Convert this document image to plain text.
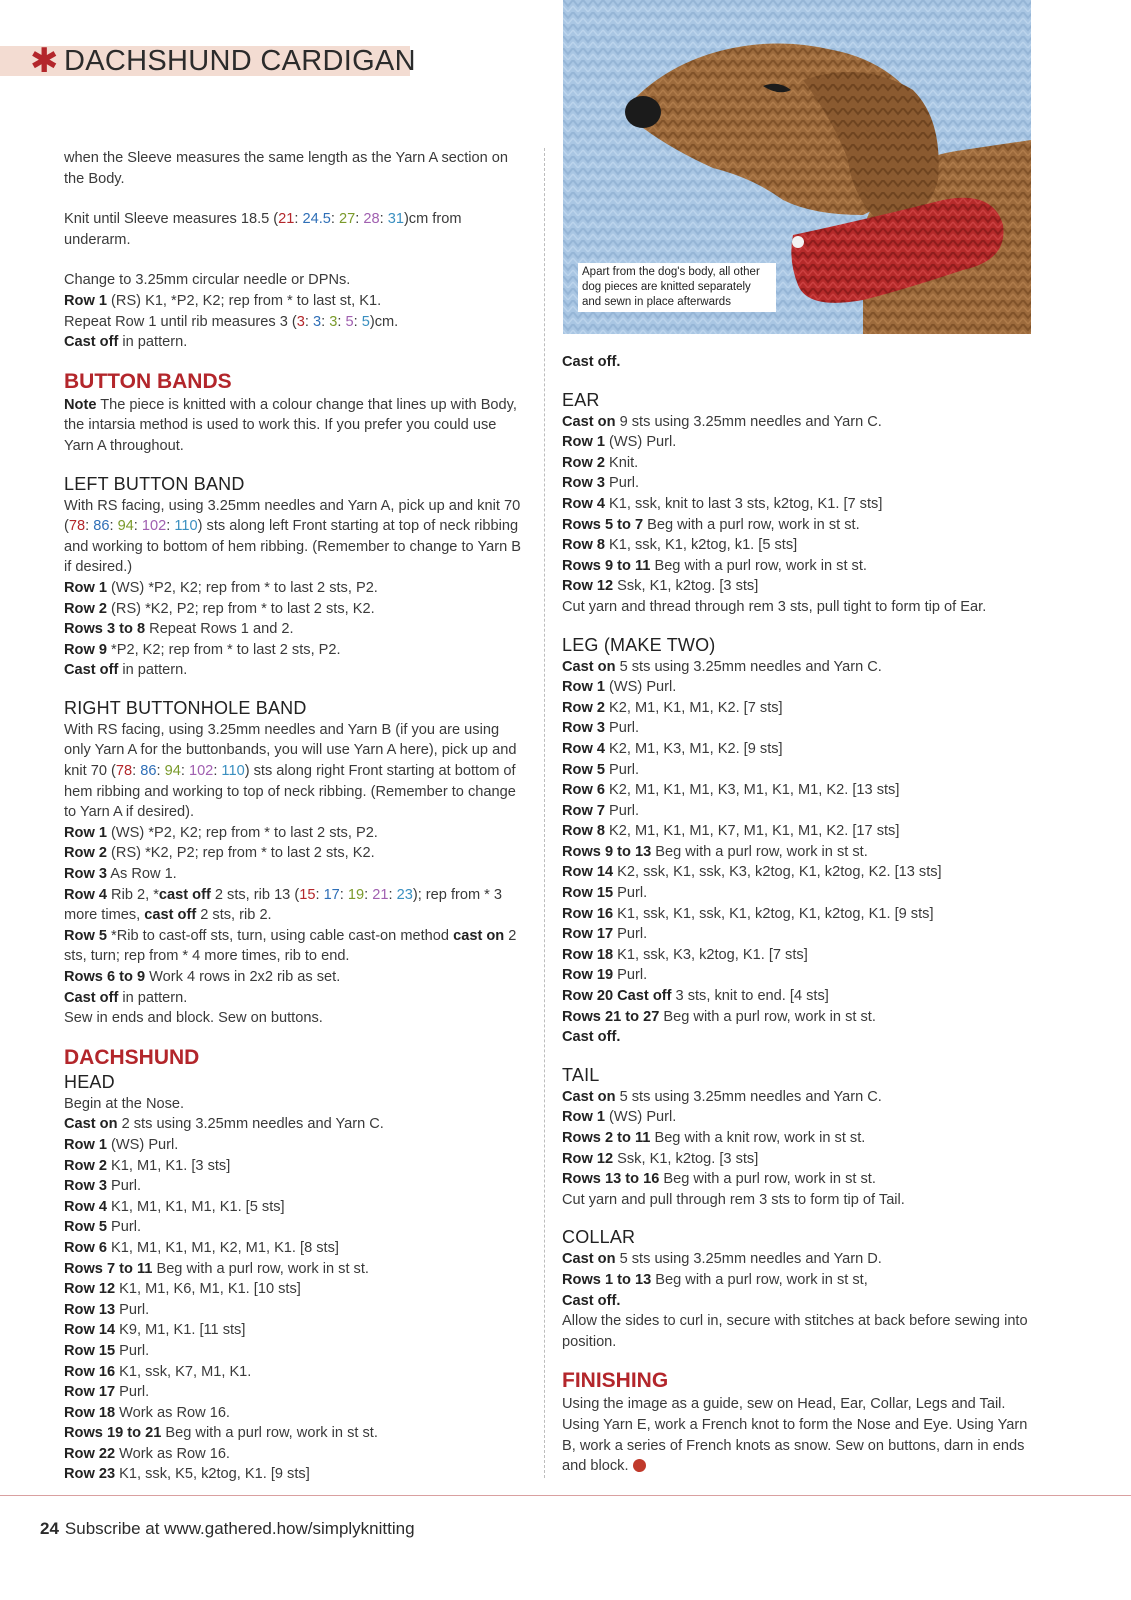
✱ DACHSHUND CARDIGAN
Apart from the dog's body, all other dog pieces are knitted separately and sewn in place afterwards

when the Sleeve measures the same length as the Yarn A section on the Body.

Knit until Sleeve measures 18.5 (21: 24.5: 27: 28: 31)cm from underarm.

Change to 3.25mm circular needle or DPNs.

Row 1 (RS) K1, *P2, K2; rep from * to last st, K1.

Repeat Row 1 until rib measures 3 (3: 3: 3: 5: 5)cm.

Cast off in pattern.

BUTTON BANDS

Note The piece is knitted with a colour change that lines up with Body, the intarsia method is used to work this. If you prefer you could use Yarn A throughout.

LEFT BUTTON BAND

With RS facing, using 3.25mm needles and Yarn A, pick up and knit 70 (78: 86: 94: 102: 110) sts along left Front starting at top of neck ribbing and working to bottom of hem ribbing. (Remember to change to Yarn B if desired.)

Row 1 (WS) *P2, K2; rep from * to last 2 sts, P2.

Row 2 (RS) *K2, P2; rep from * to last 2 sts, K2.

Rows 3 to 8 Repeat Rows 1 and 2.

Row 9 *P2, K2; rep from * to last 2 sts, P2.

Cast off in pattern.

RIGHT BUTTONHOLE BAND

With RS facing, using 3.25mm needles and Yarn B (if you are using only Yarn A for the buttonbands, you will use Yarn A here), pick up and knit 70 (78: 86: 94: 102: 110) sts along right Front starting at bottom of hem ribbing and working to top of neck ribbing. (Remember to change to Yarn A if desired).

Row 1 (WS) *P2, K2; rep from * to last 2 sts, P2.

Row 2 (RS) *K2, P2; rep from * to last 2 sts, K2.

Row 3 As Row 1.

Row 4 Rib 2, *cast off 2 sts, rib 13 (15: 17: 19: 21: 23); rep from * 3 more times, cast off 2 sts, rib 2.

Row 5 *Rib to cast-off sts, turn, using cable cast-on method cast on 2 sts, turn; rep from * 4 more times, rib to end.

Rows 6 to 9 Work 4 rows in 2x2 rib as set.

Cast off in pattern.

Sew in ends and block. Sew on buttons.

DACHSHUND
HEAD

Begin at the Nose.

Cast on 2 sts using 3.25mm needles and Yarn C.

Row 1 (WS) Purl.

Row 2 K1, M1, K1. [3 sts]

Row 3 Purl.

Row 4 K1, M1, K1, M1, K1. [5 sts]

Row 5 Purl.

Row 6 K1, M1, K1, M1, K2, M1, K1. [8 sts]

Rows 7 to 11 Beg with a purl row, work in st st.

Row 12 K1, M1, K6, M1, K1. [10 sts]

Row 13 Purl.

Row 14 K9, M1, K1. [11 sts]

Row 15 Purl.

Row 16 K1, ssk, K7, M1, K1.

Row 17 Purl.

Row 18 Work as Row 16.

Rows 19 to 21 Beg with a purl row, work in st st.

Row 22 Work as Row 16.

Row 23 K1, ssk, K5, k2tog, K1. [9 sts]

Cast off.

EAR

Cast on 9 sts using 3.25mm needles and Yarn C.

Row 1 (WS) Purl.

Row 2 Knit.

Row 3 Purl.

Row 4 K1, ssk, knit to last 3 sts, k2tog, K1. [7 sts]

Rows 5 to 7 Beg with a purl row, work in st st.

Row 8 K1, ssk, K1, k2tog, k1. [5 sts]

Rows 9 to 11 Beg with a purl row, work in st st.

Row 12 Ssk, K1, k2tog. [3 sts]

Cut yarn and thread through rem 3 sts, pull tight to form tip of Ear.

LEG (MAKE TWO)

Cast on 5 sts using 3.25mm needles and Yarn C.

Row 1 (WS) Purl.

Row 2 K2, M1, K1, M1, K2. [7 sts]

Row 3 Purl.

Row 4 K2, M1, K3, M1, K2. [9 sts]

Row 5 Purl.

Row 6 K2, M1, K1, M1, K3, M1, K1, M1, K2. [13 sts]

Row 7 Purl.

Row 8 K2, M1, K1, M1, K7, M1, K1, M1, K2. [17 sts]

Rows 9 to 13 Beg with a purl row, work in st st.

Row 14 K2, ssk, K1, ssk, K3, k2tog, K1, k2tog, K2. [13 sts]

Row 15 Purl.

Row 16 K1, ssk, K1, ssk, K1, k2tog, K1, k2tog, K1. [9 sts]

Row 17 Purl.

Row 18 K1, ssk, K3, k2tog, K1. [7 sts]

Row 19 Purl.

Row 20 Cast off 3 sts, knit to end. [4 sts]

Rows 21 to 27 Beg with a purl row, work in st st.

Cast off.

TAIL

Cast on 5 sts using 3.25mm needles and Yarn C.

Row 1 (WS) Purl.

Rows 2 to 11 Beg with a knit row, work in st st.

Row 12 Ssk, K1, k2tog. [3 sts]

Rows 13 to 16 Beg with a purl row, work in st st.

Cut yarn and pull through rem 3 sts to form tip of Tail.

COLLAR

Cast on 5 sts using 3.25mm needles and Yarn D.

Rows 1 to 13 Beg with a purl row, work in st st,

Cast off.

Allow the sides to curl in, secure with stitches at back before sewing into position.

FINISHING

Using the image as a guide, sew on Head, Ear, Collar, Legs and Tail. Using Yarn E, work a French knot to form the Nose and Eye. Using Yarn B, work a series of French knots as snow. Sew on buttons, darn in ends and block.

24 Subscribe at www.gathered.how/simplyknitting
